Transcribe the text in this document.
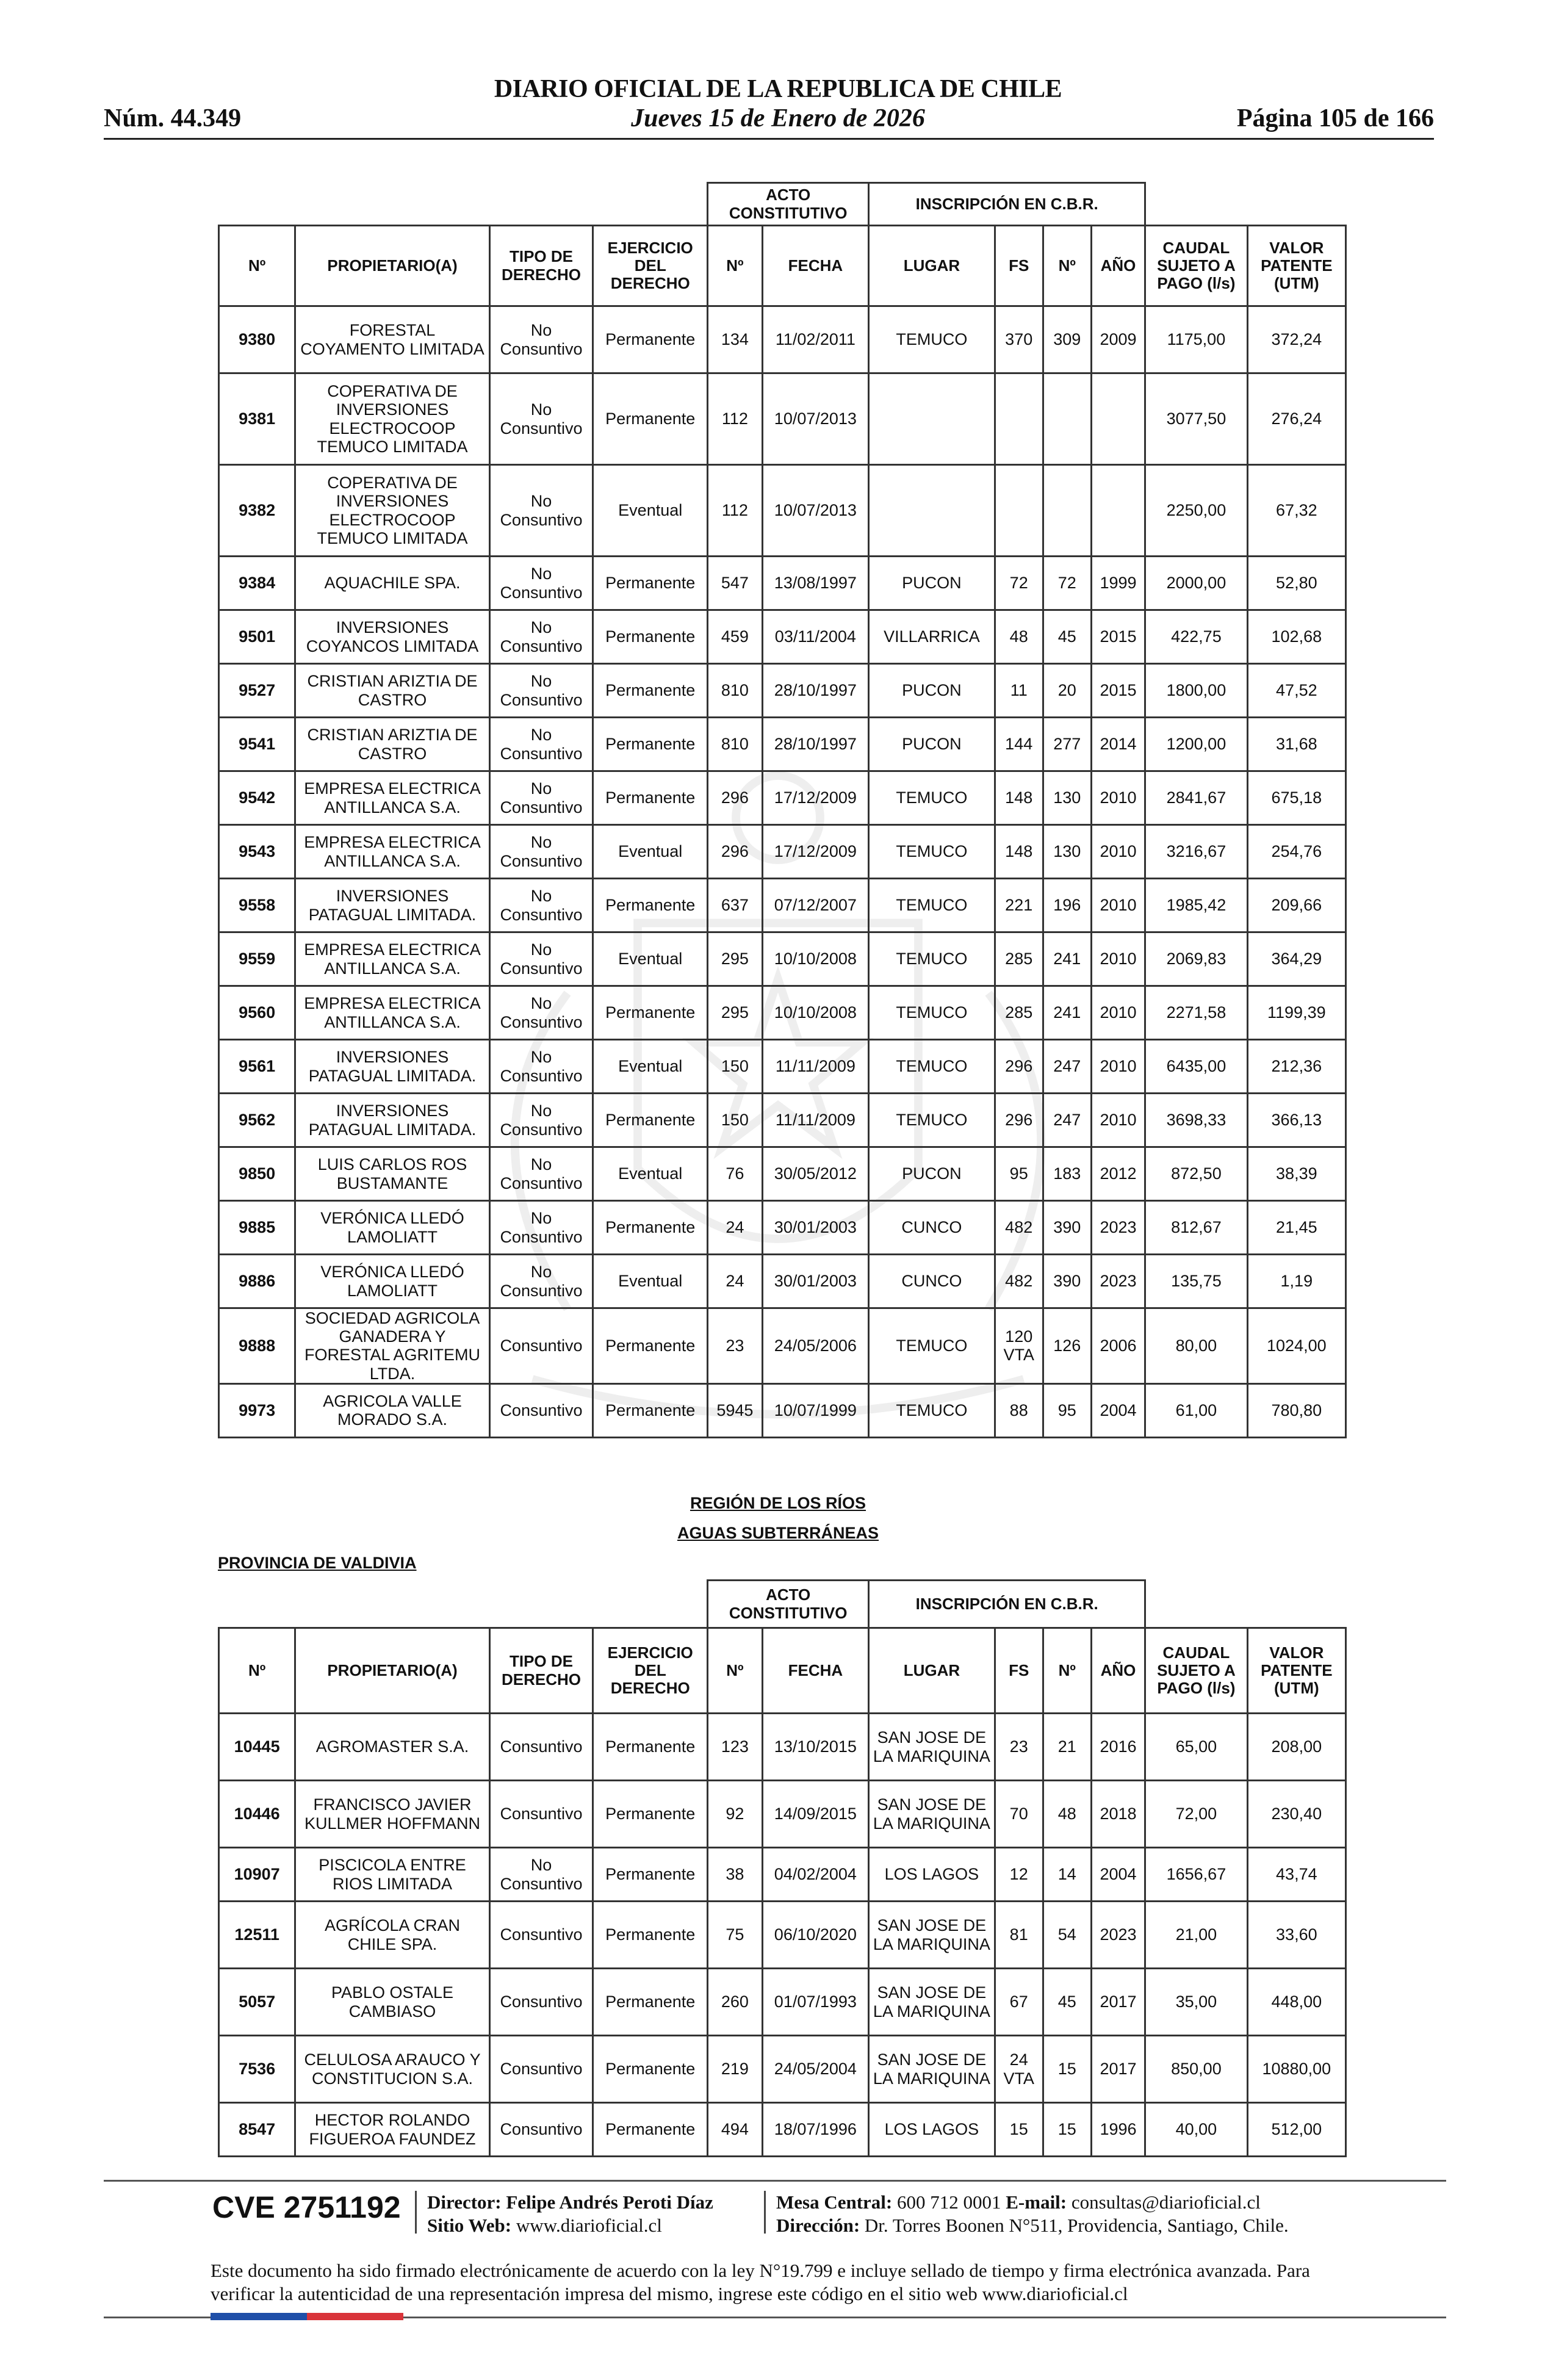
DIARIO OFICIAL DE LA REPUBLICA DE CHILE
Núm. 44.349	Jueves 15 de Enero de 2026	Página 105 de 166
				ACTO CONSTITUTIVO		INSCRIPCIÓN EN C.B.R.					
Nº	PROPIETARIO(A)	TIPO DE DERECHO	EJERCICIO DEL DERECHO	Nº	FECHA	LUGAR	FS	Nº	AÑO	CAUDAL SUJETO A PAGO (l/s)	VALOR PATENTE (UTM)
9380	FORESTAL COYAMENTO LIMITADA	No Consuntivo	Permanente	134	11/02/2011	TEMUCO	370	309	2009	1175,00	372,24
9381	COPERATIVA DE INVERSIONES ELECTROCOOP TEMUCO LIMITADA	No Consuntivo	Permanente	112	10/07/2013					3077,50	276,24
9382	COPERATIVA DE INVERSIONES ELECTROCOOP TEMUCO LIMITADA	No Consuntivo	Eventual	112	10/07/2013					2250,00	67,32
9384	AQUACHILE SPA.	No Consuntivo	Permanente	547	13/08/1997	PUCON	72	72	1999	2000,00	52,80
9501	INVERSIONES COYANCOS LIMITADA	No Consuntivo	Permanente	459	03/11/2004	VILLARRICA	48	45	2015	422,75	102,68
9527	CRISTIAN ARIZTIA DE CASTRO	No Consuntivo	Permanente	810	28/10/1997	PUCON	11	20	2015	1800,00	47,52
9541	CRISTIAN ARIZTIA DE CASTRO	No Consuntivo	Permanente	810	28/10/1997	PUCON	144	277	2014	1200,00	31,68
9542	EMPRESA ELECTRICA ANTILLANCA S.A.	No Consuntivo	Permanente	296	17/12/2009	TEMUCO	148	130	2010	2841,67	675,18
9543	EMPRESA ELECTRICA ANTILLANCA S.A.	No Consuntivo	Eventual	296	17/12/2009	TEMUCO	148	130	2010	3216,67	254,76
9558	INVERSIONES PATAGUAL LIMITADA.	No Consuntivo	Permanente	637	07/12/2007	TEMUCO	221	196	2010	1985,42	209,66
9559	EMPRESA ELECTRICA ANTILLANCA S.A.	No Consuntivo	Eventual	295	10/10/2008	TEMUCO	285	241	2010	2069,83	364,29
9560	EMPRESA ELECTRICA ANTILLANCA S.A.	No Consuntivo	Permanente	295	10/10/2008	TEMUCO	285	241	2010	2271,58	1199,39
9561	INVERSIONES PATAGUAL LIMITADA.	No Consuntivo	Eventual	150	11/11/2009	TEMUCO	296	247	2010	6435,00	212,36
9562	INVERSIONES PATAGUAL LIMITADA.	No Consuntivo	Permanente	150	11/11/2009	TEMUCO	296	247	2010	3698,33	366,13
9850	LUIS CARLOS ROS BUSTAMANTE	No Consuntivo	Eventual	76	30/05/2012	PUCON	95	183	2012	872,50	38,39
9885	VERÓNICA LLEDÓ LAMOLIATT	No Consuntivo	Permanente	24	30/01/2003	CUNCO	482	390	2023	812,67	21,45
9886	VERÓNICA LLEDÓ LAMOLIATT	No Consuntivo	Eventual	24	30/01/2003	CUNCO	482	390	2023	135,75	1,19
9888	SOCIEDAD AGRICOLA GANADERA Y FORESTAL AGRITEMU LTDA.	Consuntivo	Permanente	23	24/05/2006	TEMUCO	120 VTA	126	2006	80,00	1024,00
9973	AGRICOLA VALLE MORADO S.A.	Consuntivo	Permanente	5945	10/07/1999	TEMUCO	88	95	2004	61,00	780,80
REGIÓN DE LOS RÍOS
AGUAS SUBTERRÁNEAS
PROVINCIA DE VALDIVIA
				ACTO CONSTITUTIVO		INSCRIPCIÓN EN C.B.R.					
Nº	PROPIETARIO(A)	TIPO DE DERECHO	EJERCICIO DEL DERECHO	Nº	FECHA	LUGAR	FS	Nº	AÑO	CAUDAL SUJETO A PAGO (l/s)	VALOR PATENTE (UTM)
10445	AGROMASTER S.A.	Consuntivo	Permanente	123	13/10/2015	SAN JOSE DE LA MARIQUINA	23	21	2016	65,00	208,00
10446	FRANCISCO JAVIER KULLMER HOFFMANN	Consuntivo	Permanente	92	14/09/2015	SAN JOSE DE LA MARIQUINA	70	48	2018	72,00	230,40
10907	PISCICOLA ENTRE RIOS LIMITADA	No Consuntivo	Permanente	38	04/02/2004	LOS LAGOS	12	14	2004	1656,67	43,74
12511	AGRÍCOLA CRAN CHILE SPA.	Consuntivo	Permanente	75	06/10/2020	SAN JOSE DE LA MARIQUINA	81	54	2023	21,00	33,60
5057	PABLO OSTALE CAMBIASO	Consuntivo	Permanente	260	01/07/1993	SAN JOSE DE LA MARIQUINA	67	45	2017	35,00	448,00
7536	CELULOSA ARAUCO Y CONSTITUCION S.A.	Consuntivo	Permanente	219	24/05/2004	SAN JOSE DE LA MARIQUINA	24 VTA	15	2017	850,00	10880,00
8547	HECTOR ROLANDO FIGUEROA FAUNDEZ	Consuntivo	Permanente	494	18/07/1996	LOS LAGOS	15	15	1996	40,00	512,00
CVE 2751192 Director: Felipe Andrés Peroti Díaz
Sitio Web: www.diarioficial.cl
Mesa Central: 600 712 0001 E-mail: consultas@diarioficial.cl
Dirección: Dr. Torres Boonen N°511, Providencia, Santiago, Chile.
Este documento ha sido firmado electrónicamente de acuerdo con la ley N°19.799 e incluye sellado de tiempo y firma electrónica avanzada. Para verificar la autenticidad de una representación impresa del mismo, ingrese este código en el sitio web www.diarioficial.cl
